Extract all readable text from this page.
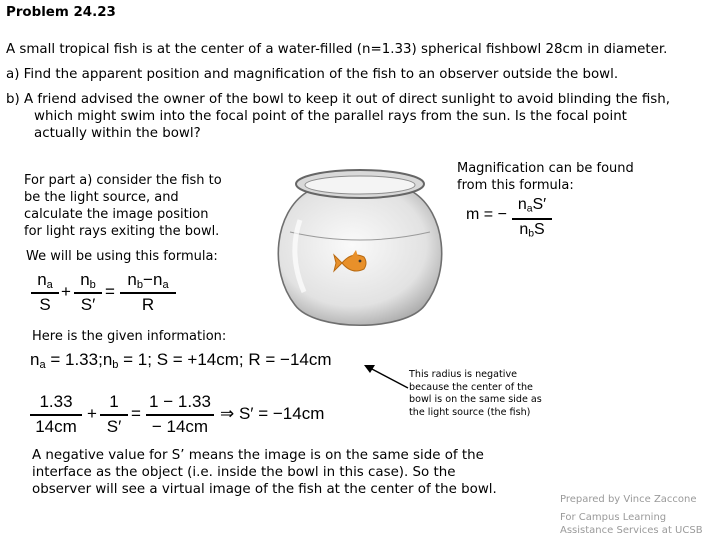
Problem 24.23
A small tropical fish is at the center of a water-filled (n=1.33) spherical fishbowl 28cm in diameter.
a) Find the apparent position and magnification of the fish to an observer outside the bowl.
b) A friend advised the owner of the bowl to keep it out of direct sunlight to avoid blinding the fish,
which might swim into the focal point of the parallel rays from the sun. Is the focal point
actually within the bowl?
For part a) consider the fish to
be the light source, and
calculate the image position
for light rays exiting the bowl.
Magnification can be found
from this formula:
m = −
$n_aS'$
$n_bS$
We will be using this formula:
$n_a$
S
+
$n_b$
S′
=
$n_b-n_a$
R
Here is the given information:
$n_a$ = $1.33;n_b = 1$; S = +14cm; R = −14cm
1.33
14cm
+
1
S′
=
1 − 1.33
− 14cm
⇒ S′ = −14cm
This radius is negative
because the center of the
bowl is on the same side as
the light source (the fish)
A negative value for S’ means the image is on the same side of the
interface as the object (i.e. inside the bowl in this case). So the
observer will see a virtual image of the fish at the center of the bowl.
Prepared by Vince Zaccone
For Campus Learning
Assistance Services at UCSB
